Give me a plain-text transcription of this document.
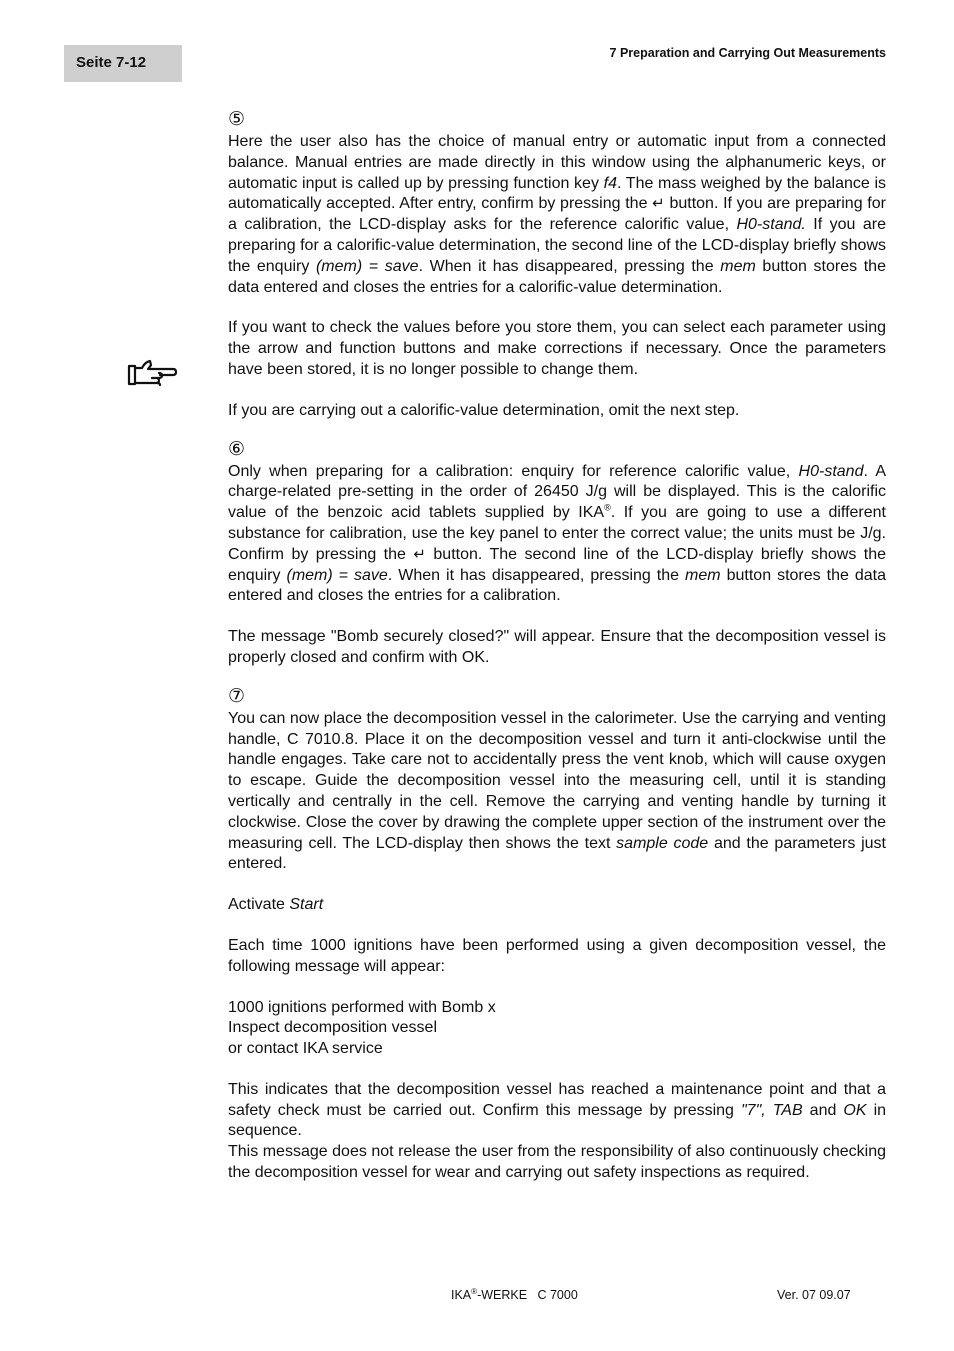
Seite 7-12
7 Preparation and Carrying Out Measurements
⑤

Here the user also has the choice of manual entry or automatic input from a connected balance. Manual entries are made directly in this window using the alphanumeric keys, or automatic input is called up by pressing function key f4. The mass weighed by the balance is automatically accepted. After entry, confirm by pressing the ↵ button. If you are preparing for a calibration, the LCD-display asks for the reference calorific value, H0-stand. If you are preparing for a calorific-value determination, the second line of the LCD-display briefly shows the enquiry (mem) = save. When it has disappeared, pressing the mem button stores the data entered and closes the entries for a calorific-value determination.

If you want to check the values before you store them, you can select each parameter using the arrow and function buttons and make corrections if necessary. Once the parameters have been stored, it is no longer possible to change them.

If you are carrying out a calorific-value determination, omit the next step.

⑥

Only when preparing for a calibration: enquiry for reference calorific value, H0-stand. A charge-related pre-setting in the order of 26450 J/g will be displayed. This is the calorific value of the benzoic acid tablets supplied by IKA®. If you are going to use a different substance for calibration, use the key panel to enter the correct value; the units must be J/g. Confirm by pressing the ↵ button. The second line of the LCD-display briefly shows the enquiry (mem) = save. When it has disappeared, pressing the mem button stores the data entered and closes the entries for a calibration.

The message "Bomb securely closed?" will appear. Ensure that the decomposition vessel is properly closed and confirm with OK.

⑦

You can now place the decomposition vessel in the calorimeter. Use the carrying and venting handle, C 7010.8. Place it on the decomposition vessel and turn it anti-clockwise until the handle engages. Take care not to accidentally press the vent knob, which will cause oxygen to escape. Guide the decomposition vessel into the measuring cell, until it is standing vertically and centrally in the cell. Remove the carrying and venting handle by turning it clockwise. Close the cover by drawing the complete upper section of the instrument over the measuring cell. The LCD-display then shows the text sample code and the parameters just entered.

Activate Start

Each time 1000 ignitions have been performed using a given decomposition vessel, the following message will appear:

1000 ignitions performed with Bomb x
Inspect decomposition vessel
or contact IKA service

This indicates that the decomposition vessel has reached a maintenance point and that a safety check must be carried out. Confirm this message by pressing "7", TAB and OK in sequence.

This message does not release the user from the responsibility of also continuously checking the decomposition vessel for wear and carrying out safety inspections as required.

IKA®-WERKE   C 7000	Ver. 07 09.07
